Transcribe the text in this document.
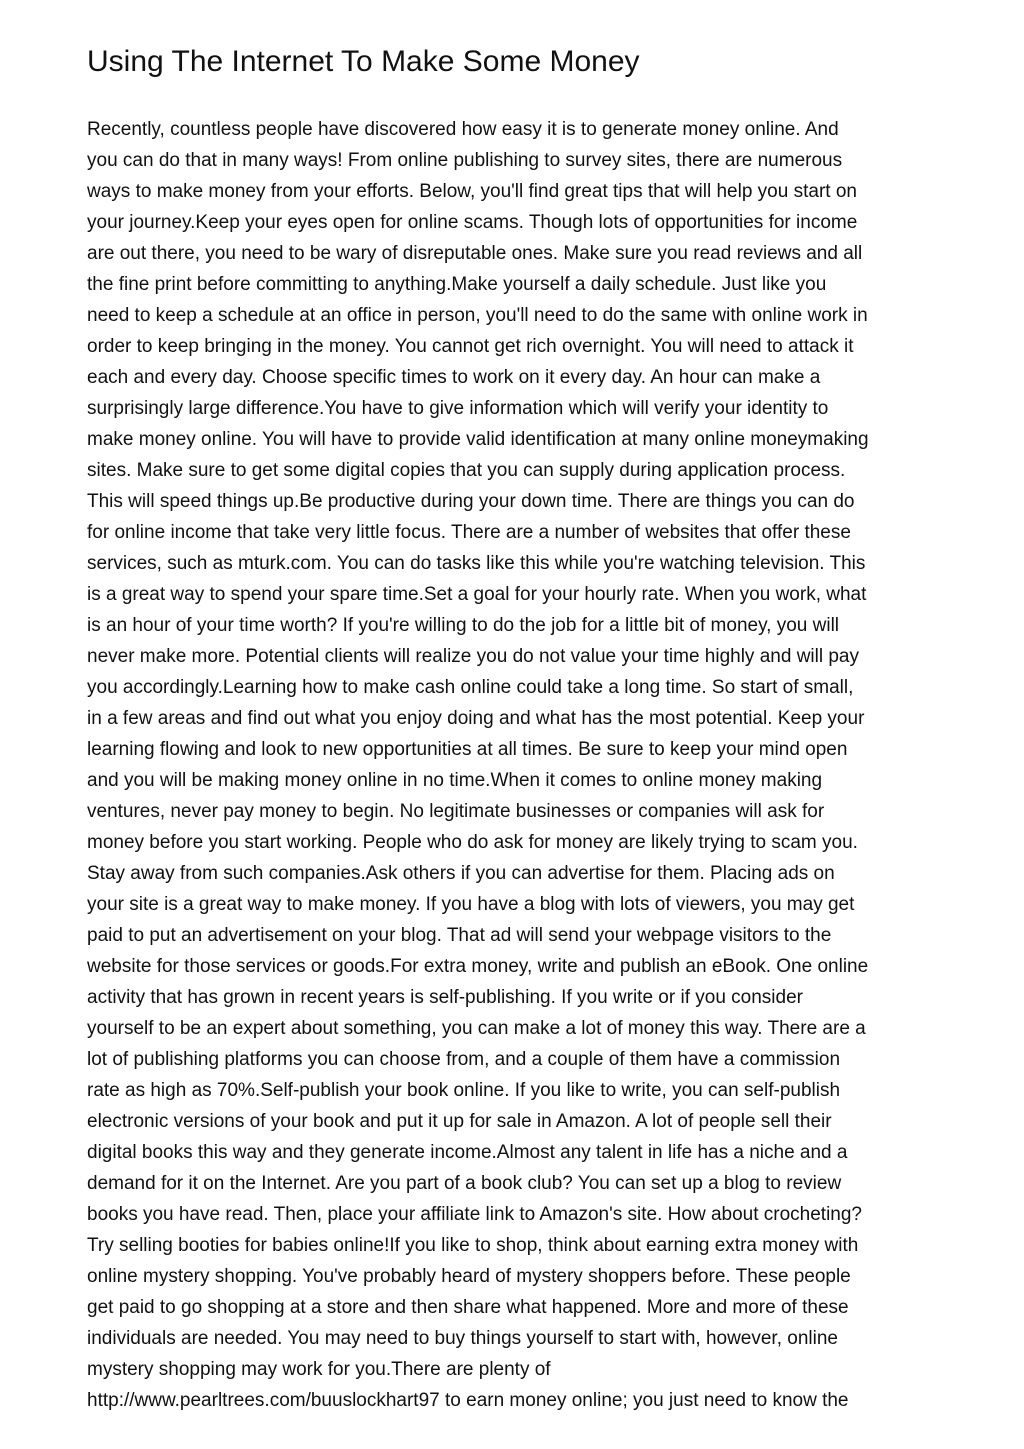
Using The Internet To Make Some Money
Recently, countless people have discovered how easy it is to generate money online. And
you can do that in many ways! From online publishing to survey sites, there are numerous
ways to make money from your efforts. Below, you'll find great tips that will help you start on
your journey.Keep your eyes open for online scams. Though lots of opportunities for income
are out there, you need to be wary of disreputable ones. Make sure you read reviews and all
the fine print before committing to anything.Make yourself a daily schedule. Just like you
need to keep a schedule at an office in person, you'll need to do the same with online work in
order to keep bringing in the money. You cannot get rich overnight. You will need to attack it
each and every day. Choose specific times to work on it every day. An hour can make a
surprisingly large difference.You have to give information which will verify your identity to
make money online. You will have to provide valid identification at many online moneymaking
sites. Make sure to get some digital copies that you can supply during application process.
This will speed things up.Be productive during your down time. There are things you can do
for online income that take very little focus. There are a number of websites that offer these
services, such as mturk.com. You can do tasks like this while you're watching television. This
is a great way to spend your spare time.Set a goal for your hourly rate. When you work, what
is an hour of your time worth? If you're willing to do the job for a little bit of money, you will
never make more. Potential clients will realize you do not value your time highly and will pay
you accordingly.Learning how to make cash online could take a long time. So start of small,
in a few areas and find out what you enjoy doing and what has the most potential. Keep your
learning flowing and look to new opportunities at all times. Be sure to keep your mind open
and you will be making money online in no time.When it comes to online money making
ventures, never pay money to begin. No legitimate businesses or companies will ask for
money before you start working. People who do ask for money are likely trying to scam you.
Stay away from such companies.Ask others if you can advertise for them. Placing ads on
your site is a great way to make money. If you have a blog with lots of viewers, you may get
paid to put an advertisement on your blog. That ad will send your webpage visitors to the
website for those services or goods.For extra money, write and publish an eBook. One online
activity that has grown in recent years is self-publishing. If you write or if you consider
yourself to be an expert about something, you can make a lot of money this way. There are a
lot of publishing platforms you can choose from, and a couple of them have a commission
rate as high as 70%.Self-publish your book online. If you like to write, you can self-publish
electronic versions of your book and put it up for sale in Amazon. A lot of people sell their
digital books this way and they generate income.Almost any talent in life has a niche and a
demand for it on the Internet. Are you part of a book club? You can set up a blog to review
books you have read. Then, place your affiliate link to Amazon's site. How about crocheting?
Try selling booties for babies online!If you like to shop, think about earning extra money with
online mystery shopping. You've probably heard of mystery shoppers before. These people
get paid to go shopping at a store and then share what happened. More and more of these
individuals are needed. You may need to buy things yourself to start with, however, online
mystery shopping may work for you.There are plenty of
http://www.pearltrees.com/buuslockhart97 to earn money online; you just need to know the
